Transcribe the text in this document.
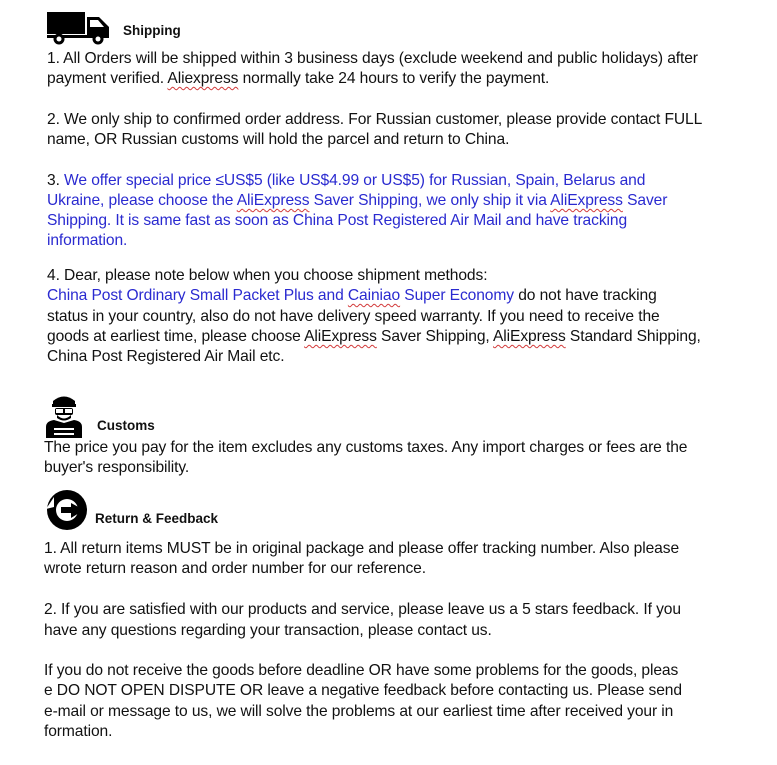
Shipping
1. All Orders will be shipped within 3 business days (exclude weekend and public holidays) after
payment verified. Aliexpress normally take 24 hours to verify the payment.
2. We only ship to confirmed order address. For Russian customer, please provide contact FULL
name, OR Russian customs will hold the parcel and return to China.
3. We offer special price ≤US$5 (like US$4.99 or US$5) for Russian, Spain, Belarus and
Ukraine, please choose the AliExpress Saver Shipping, we only ship it via AliExpress Saver
Shipping. It is same fast as soon as China Post Registered Air Mail and have tracking
information.
4. Dear, please note below when you choose shipment methods:
China Post Ordinary Small Packet Plus and Cainiao Super Economy do not have tracking
status in your country, also do not have delivery speed warranty. If you need to receive the
goods at earliest time, please choose AliExpress Saver Shipping, AliExpress Standard Shipping,
China Post Registered Air Mail etc.
Customs
The price you pay for the item excludes any customs taxes. Any import charges or fees are the
buyer's responsibility.
Return & Feedback
1. All return items MUST be in original package and please offer tracking number. Also please
wrote return reason and order number for our reference.
2. If you are satisfied with our products and service, please leave us a 5 stars feedback. If you
have any questions regarding your transaction, please contact us.
If you do not receive the goods before deadline OR have some problems for the goods, pleas
e DO NOT OPEN DISPUTE OR leave a negative feedback before contacting us. Please send
e-mail or message to us, we will solve the problems at our earliest time after received your in
formation.
